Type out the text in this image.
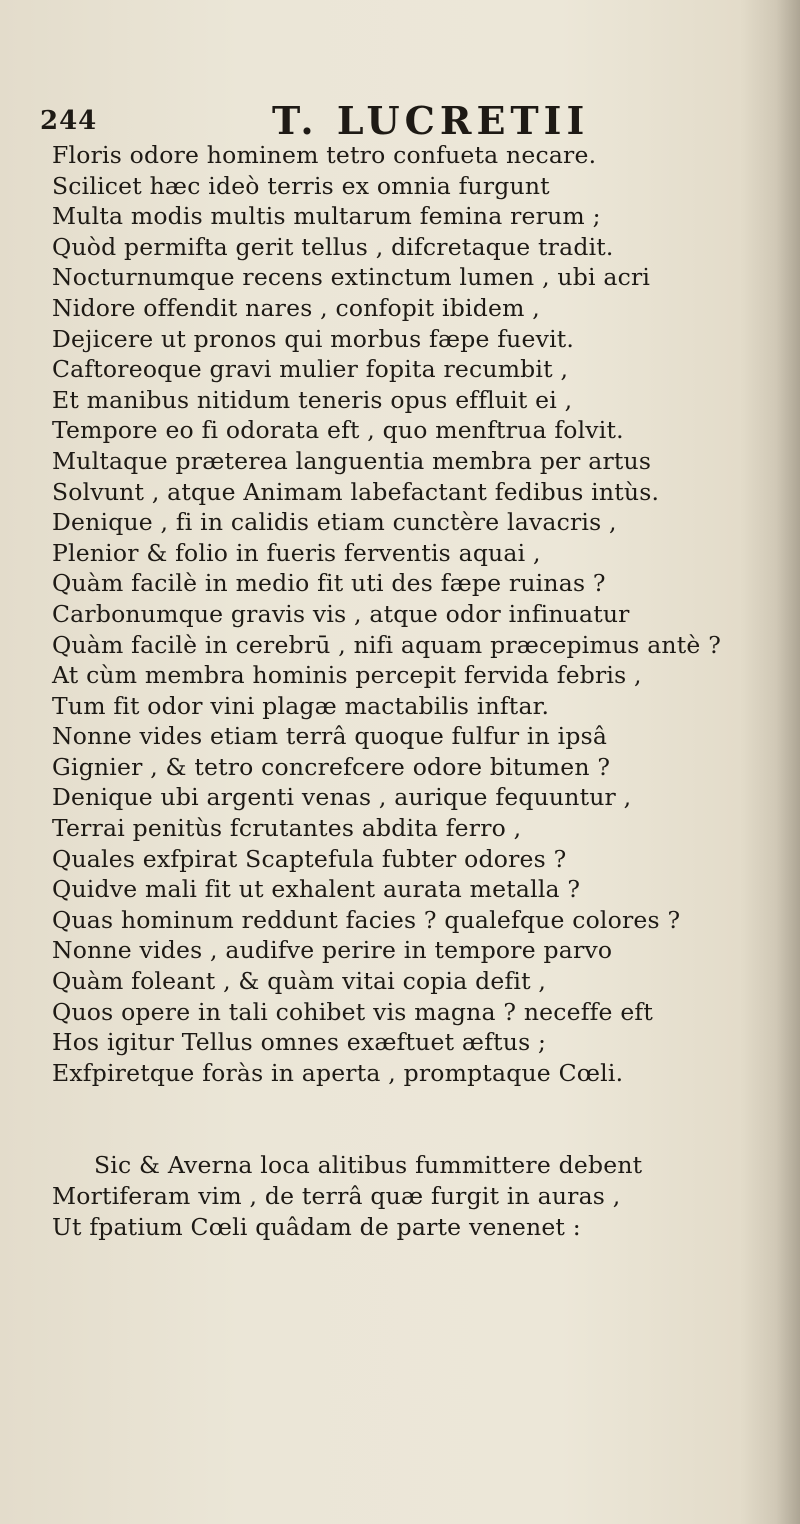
244	T. LUCRETII
Floris odore hominem tetro confueta necare.
Scilicet hæc ideò terris ex omnia furgunt
Multa modis multis multarum femina rerum ;
Quòd permifta gerit tellus , difcretaque tradit.
Nocturnumque recens extinctum lumen , ubi acri
Nidore offendit nares , confopit ibidem ,
Dejicere ut pronos qui morbus fæpe fuevit.
Caftoreoque gravi mulier fopita recumbit ,
Et manibus nitidum teneris opus effluit ei ,
Tempore eo fi odorata eft , quo menftrua folvit.
Multaque præterea languentia membra per artus
Solvunt , atque Animam labefactant fedibus intùs.
Denique , fi in calidis etiam cunctère lavacris ,
Plenior & folio in fueris ferventis aquai ,
Quàm facilè in medio fit uti des fæpe ruinas ?
Carbonumque gravis vis , atque odor infinuatur
Quàm facilè in cerebrū , nifi aquam præcepimus antè ?
At cùm membra hominis percepit fervida febris ,
Tum fit odor vini plagæ mactabilis inftar.
Nonne vides etiam terrâ quoque fulfur in ipsâ
Gignier , & tetro concrefcere odore bitumen ?
Denique ubi argenti venas , aurique fequuntur ,
Terrai penitùs fcrutantes abdita ferro ,
Quales exfpirat Scaptefula fubter odores ?
Quidve mali fit ut exhalent aurata metalla ?
Quas hominum reddunt facies ? qualefque colores ?
Nonne vides , audifve perire in tempore parvo
Quàm foleant , & quàm vitai copia defit ,
Quos opere in tali cohibet vis magna ? neceffe eft
Hos igitur Tellus omnes exæftuet æftus ;
Exfpiretque foràs in aperta , promptaque Cœli.
Sic & Averna loca alitibus fummittere debent
Mortiferam vim , de terrâ quæ furgit in auras ,
Ut fpatium Cœli quâdam de parte venenet :
